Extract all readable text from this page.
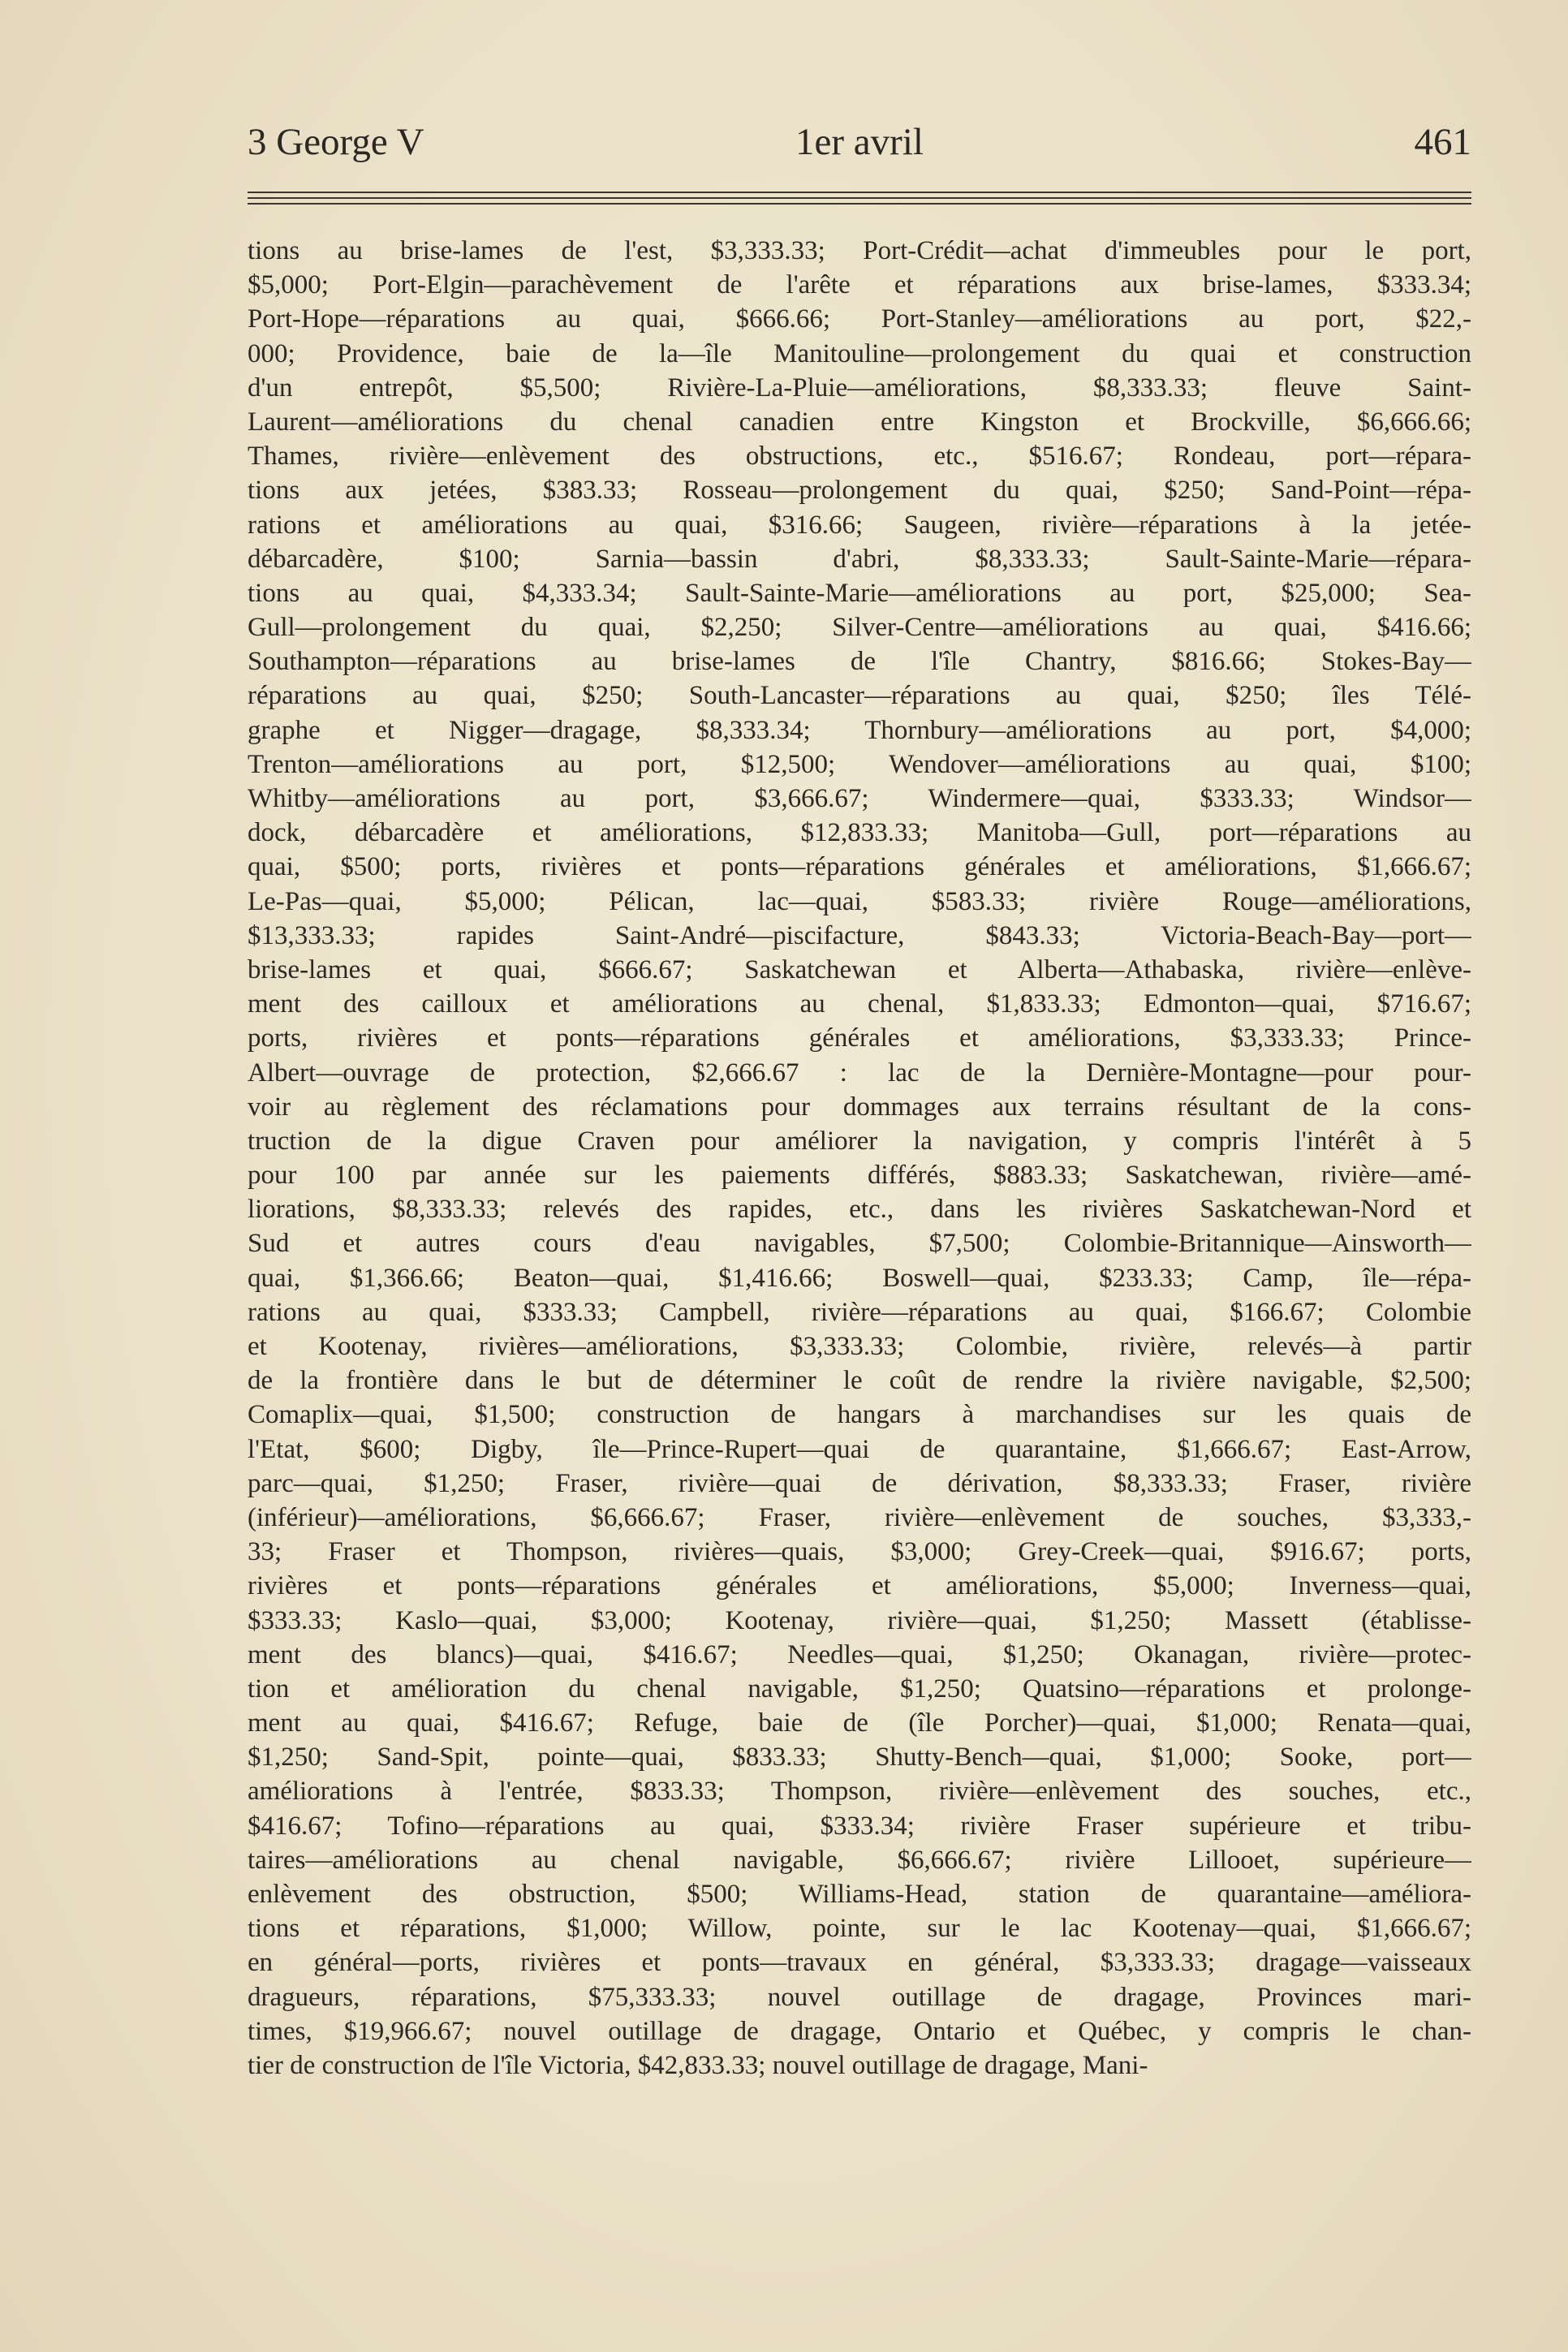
3 George V	1er avril	461
tions au brise-lames de l'est, $3,333.33; Port-Crédit—achat d'immeubles pour le port,
$5,000; Port-Elgin—parachèvement de l'arête et réparations aux brise-lames, $333.34;
Port-Hope—réparations au quai, $666.66; Port-Stanley—améliorations au port, $22,-
000; Providence, baie de la—île Manitouline—prolongement du quai et construction
d'un entrepôt, $5,500; Rivière-La-Pluie—améliorations, $8,333.33; fleuve Saint-
Laurent—améliorations du chenal canadien entre Kingston et Brockville, $6,666.66;
Thames, rivière—enlèvement des obstructions, etc., $516.67; Rondeau, port—répara-
tions aux jetées, $383.33; Rosseau—prolongement du quai, $250; Sand-Point—répa-
rations et améliorations au quai, $316.66; Saugeen, rivière—réparations à la jetée-
débarcadère, $100; Sarnia—bassin d'abri, $8,333.33; Sault-Sainte-Marie—répara-
tions au quai, $4,333.34; Sault-Sainte-Marie—améliorations au port, $25,000; Sea-
Gull—prolongement du quai, $2,250; Silver-Centre—améliorations au quai, $416.66;
Southampton—réparations au brise-lames de l'île Chantry, $816.66; Stokes-Bay—
réparations au quai, $250; South-Lancaster—réparations au quai, $250; îles Télé-
graphe et Nigger—dragage, $8,333.34; Thornbury—améliorations au port, $4,000;
Trenton—améliorations au port, $12,500; Wendover—améliorations au quai, $100;
Whitby—améliorations au port, $3,666.67; Windermere—quai, $333.33; Windsor—
dock, débarcadère et améliorations, $12,833.33; Manitoba—Gull, port—réparations au
quai, $500; ports, rivières et ponts—réparations générales et améliorations, $1,666.67;
Le-Pas—quai, $5,000; Pélican, lac—quai, $583.33; rivière Rouge—améliorations,
$13,333.33; rapides Saint-André—piscifacture, $843.33; Victoria-Beach-Bay—port—
brise-lames et quai, $666.67; Saskatchewan et Alberta—Athabaska, rivière—enlève-
ment des cailloux et améliorations au chenal, $1,833.33; Edmonton—quai, $716.67;
ports, rivières et ponts—réparations générales et améliorations, $3,333.33; Prince-
Albert—ouvrage de protection, $2,666.67 : lac de la Dernière-Montagne—pour pour-
voir au règlement des réclamations pour dommages aux terrains résultant de la cons-
truction de la digue Craven pour améliorer la navigation, y compris l'intérêt à 5
pour 100 par année sur les paiements différés, $883.33; Saskatchewan, rivière—amé-
liorations, $8,333.33; relevés des rapides, etc., dans les rivières Saskatchewan-Nord et
Sud et autres cours d'eau navigables, $7,500; Colombie-Britannique—Ainsworth—
quai, $1,366.66; Beaton—quai, $1,416.66; Boswell—quai, $233.33; Camp, île—répa-
rations au quai, $333.33; Campbell, rivière—réparations au quai, $166.67; Colombie
et Kootenay, rivières—améliorations, $3,333.33; Colombie, rivière, relevés—à partir
de la frontière dans le but de déterminer le coût de rendre la rivière navigable, $2,500;
Comaplix—quai, $1,500; construction de hangars à marchandises sur les quais de
l'Etat, $600; Digby, île—Prince-Rupert—quai de quarantaine, $1,666.67; East-Arrow,
parc—quai, $1,250; Fraser, rivière—quai de dérivation, $8,333.33; Fraser, rivière
(inférieur)—améliorations, $6,666.67; Fraser, rivière—enlèvement de souches, $3,333,-
33; Fraser et Thompson, rivières—quais, $3,000; Grey-Creek—quai, $916.67; ports,
rivières et ponts—réparations générales et améliorations, $5,000; Inverness—quai,
$333.33; Kaslo—quai, $3,000; Kootenay, rivière—quai, $1,250; Massett (établisse-
ment des blancs)—quai, $416.67; Needles—quai, $1,250; Okanagan, rivière—protec-
tion et amélioration du chenal navigable, $1,250; Quatsino—réparations et prolonge-
ment au quai, $416.67; Refuge, baie de (île Porcher)—quai, $1,000; Renata—quai,
$1,250; Sand-Spit, pointe—quai, $833.33; Shutty-Bench—quai, $1,000; Sooke, port—
améliorations à l'entrée, $833.33; Thompson, rivière—enlèvement des souches, etc.,
$416.67; Tofino—réparations au quai, $333.34; rivière Fraser supérieure et tribu-
taires—améliorations au chenal navigable, $6,666.67; rivière Lillooet, supérieure—
enlèvement des obstruction, $500; Williams-Head, station de quarantaine—améliora-
tions et réparations, $1,000; Willow, pointe, sur le lac Kootenay—quai, $1,666.67;
en général—ports, rivières et ponts—travaux en général, $3,333.33; dragage—vaisseaux
dragueurs, réparations, $75,333.33; nouvel outillage de dragage, Provinces mari-
times, $19,966.67; nouvel outillage de dragage, Ontario et Québec, y compris le chan-
tier de construction de l'île Victoria, $42,833.33; nouvel outillage de dragage, Mani-
